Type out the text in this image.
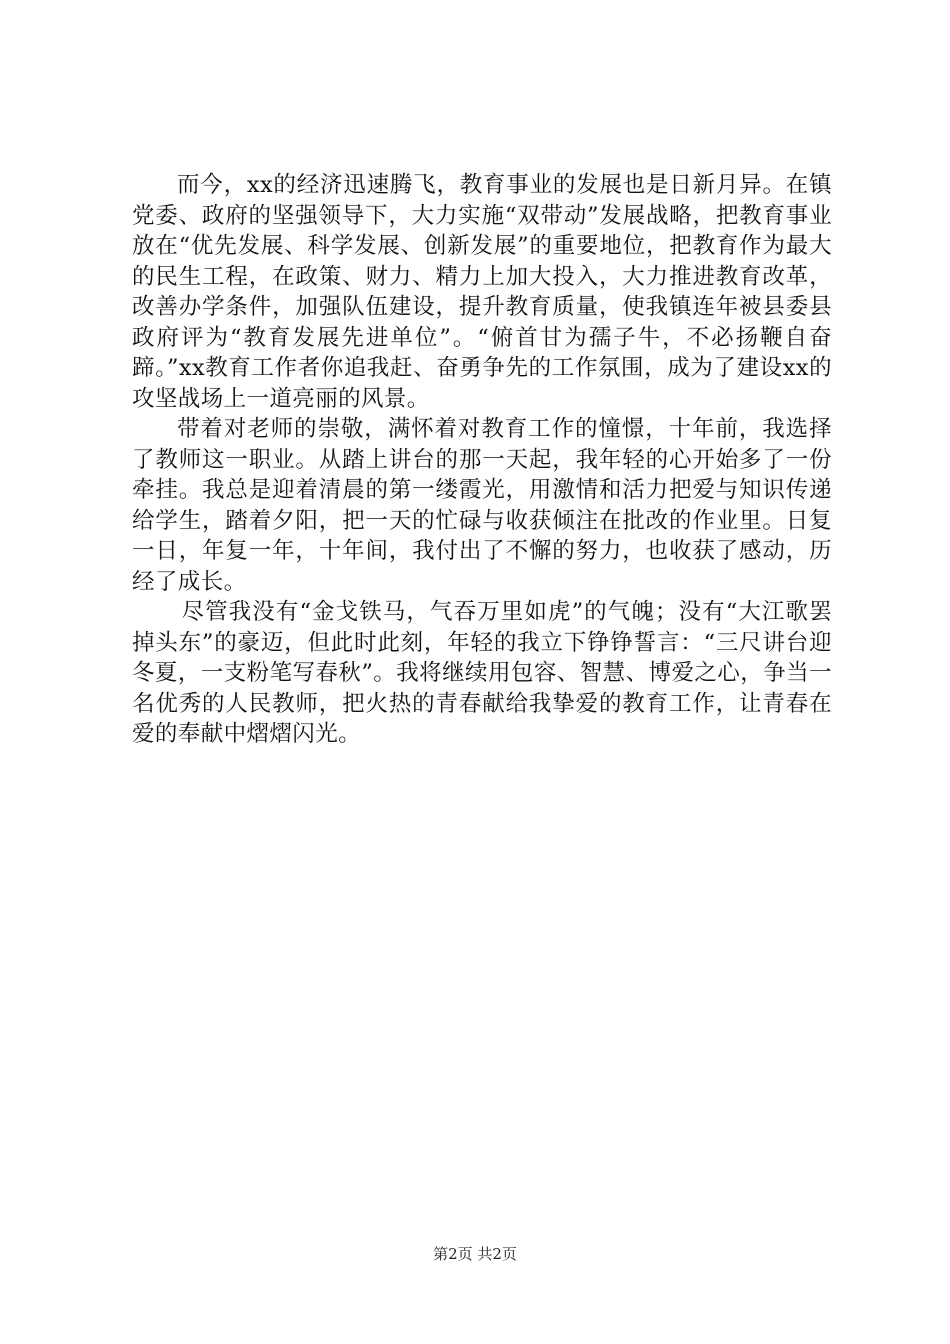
而今，xx的经济迅速腾飞，教育事业的发展也是日新月异。在镇党委、政府的坚强领导下，大力实施“双带动”发展战略，把教育事业放在“优先发展、科学发展、创新发展”的重要地位，把教育作为最大的民生工程，在政策、财力、精力上加大投入，大力推进教育改革，改善办学条件，加强队伍建设，提升教育质量，使我镇连年被县委县政府评为“教育发展先进单位”。“俯首甘为孺子牛，不必扬鞭自奋蹄。”xx教育工作者你追我赶、奋勇争先的工作氛围，成为了建设xx的攻坚战场上一道亮丽的风景。

带着对老师的崇敬，满怀着对教育工作的憧憬，十年前，我选择了教师这一职业。从踏上讲台的那一天起，我年轻的心开始多了一份牵挂。我总是迎着清晨的第一缕霞光，用激情和活力把爱与知识传递给学生，踏着夕阳，把一天的忙碌与收获倾注在批改的作业里。日复一日，年复一年，十年间，我付出了不懈的努力，也收获了感动，历经了成长。

尽管我没有“金戈铁马，气吞万里如虎”的气魄；没有“大江歌罢掉头东”的豪迈，但此时此刻，年轻的我立下铮铮誓言：“三尺讲台迎冬夏，一支粉笔写春秋”。我将继续用包容、智慧、博爱之心，争当一名优秀的人民教师，把火热的青春献给我挚爱的教育工作，让青春在爱的奉献中熠熠闪光。

第2页 共2页
